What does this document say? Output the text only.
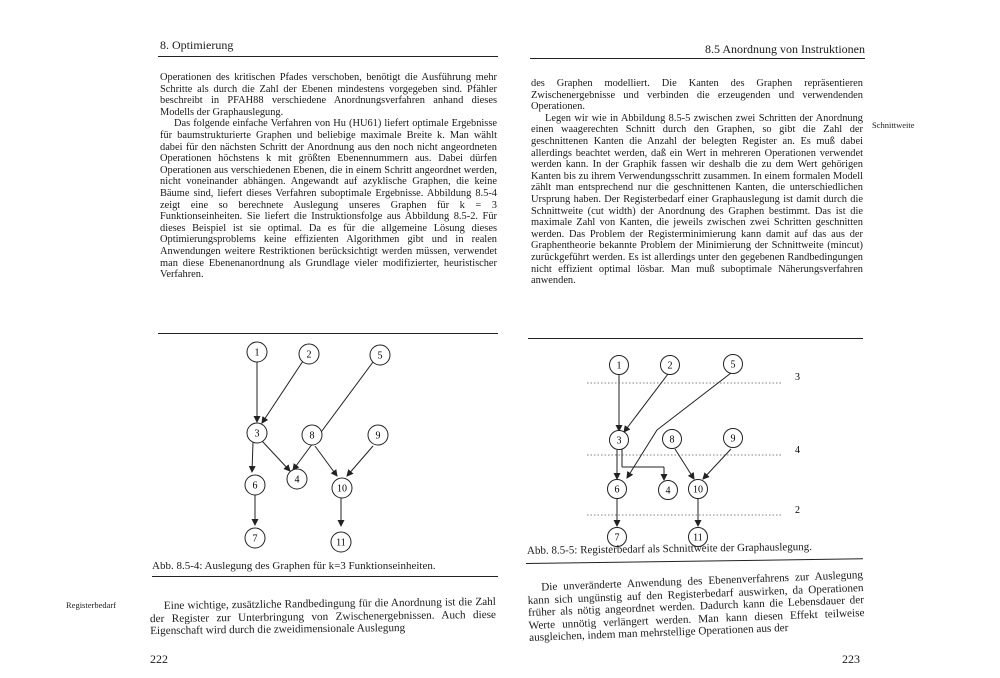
8. Optimierung

Operationen des kritischen Pfades verschoben, benötigt die Ausführung mehr Schritte als durch die Zahl der Ebenen mindestens vorgegeben sind. Pfähler beschreibt in PFAH88 verschiedene Anordnungsverfahren anhand dieses Modells der Graphauslegung.

Das folgende einfache Verfahren von Hu (HU61) liefert optimale Ergebnisse für baumstrukturierte Graphen und beliebige maximale Breite k. Man wählt dabei für den nächsten Schritt der Anordnung aus den noch nicht angeordneten Operationen höchstens k mit größten Ebenennummern aus. Dabei dürfen Operationen aus verschiedenen Ebenen, die in einem Schritt angeordnet werden, nicht voneinander abhängen. Angewandt auf azyklische Graphen, die keine Bäume sind, liefert dieses Verfahren suboptimale Ergebnisse. Abbildung 8.5-4 zeigt eine so berechnete Auslegung unseres Graphen für k = 3 Funktionseinheiten. Sie liefert die Instruktionsfolge aus Abbildung 8.5-2. Für dieses Beispiel ist sie optimal. Da es für die allgemeine Lösung dieses Optimierungsproblems keine effizienten Algorithmen gibt und in realen Anwendungen weitere Restriktionen berücksichtigt werden müssen, verwendet man diese Ebenenanordnung als Grundlage vieler modifizierter, heuristischer Verfahren.

1	2	5
3	8	9
4
6	10
7	11
Abb. 8.5-4: Auslegung des Graphen für k=3 Funktionseinheiten.
Registerbedarf	Eine wichtige, zusätzliche Randbedingung für die Anordnung ist die Zahl der Register zur Unterbringung von Zwischenergebnissen. Auch diese Eigenschaft wird durch die zweidimensionale Auslegung
222
8.5 Anordnung von Instruktionen

des Graphen modelliert. Die Kanten des Graphen repräsentieren Zwischenergebnisse und verbinden die erzeugenden und verwendenden Operationen.

Legen wir wie in Abbildung 8.5-5 zwischen zwei Schritten der Anordnung einen waagerechten Schnitt durch den Graphen, so gibt die Zahl der geschnittenen Kanten die Anzahl der belegten Register an. Es muß dabei allerdings beachtet werden, daß ein Wert in mehreren Operationen verwendet werden kann. In der Graphik fassen wir deshalb die zu dem Wert gehörigen Kanten bis zu ihrem Verwendungsschritt zusammen. In einem formalen Modell zählt man entsprechend nur die geschnittenen Kanten, die unterschiedlichen Ursprung haben. Der Registerbedarf einer Graphauslegung ist damit durch die Schnittweite (cut width) der Anordnung des Graphen bestimmt. Das ist die maximale Zahl von Kanten, die jeweils zwischen zwei Schritten geschnitten werden. Das Problem der Registerminimierung kann damit auf das aus der Graphentheorie bekannte Problem der Minimierung der Schnittweite (mincut) zurückgeführt werden. Es ist allerdings unter den gegebenen Randbedingungen nicht effizient optimal lösbar. Man muß suboptimale Näherungsverfahren anwenden.

Schnittweite
1	2	5
3	8	9
6	4 10
7	11
3
4
2
Abb. 8.5-5: Registerbedarf als Schnittweite der Graphauslegung.
Die unveränderte Anwendung des Ebenenverfahrens zur Auslegung kann sich ungünstig auf den Registerbedarf auswirken, da Operationen früher als nötig angeordnet werden. Dadurch kann die Lebensdauer der Werte unnötig verlängert werden. Man kann diesen Effekt teilweise ausgleichen, indem man mehrstellige Operationen aus der
223
